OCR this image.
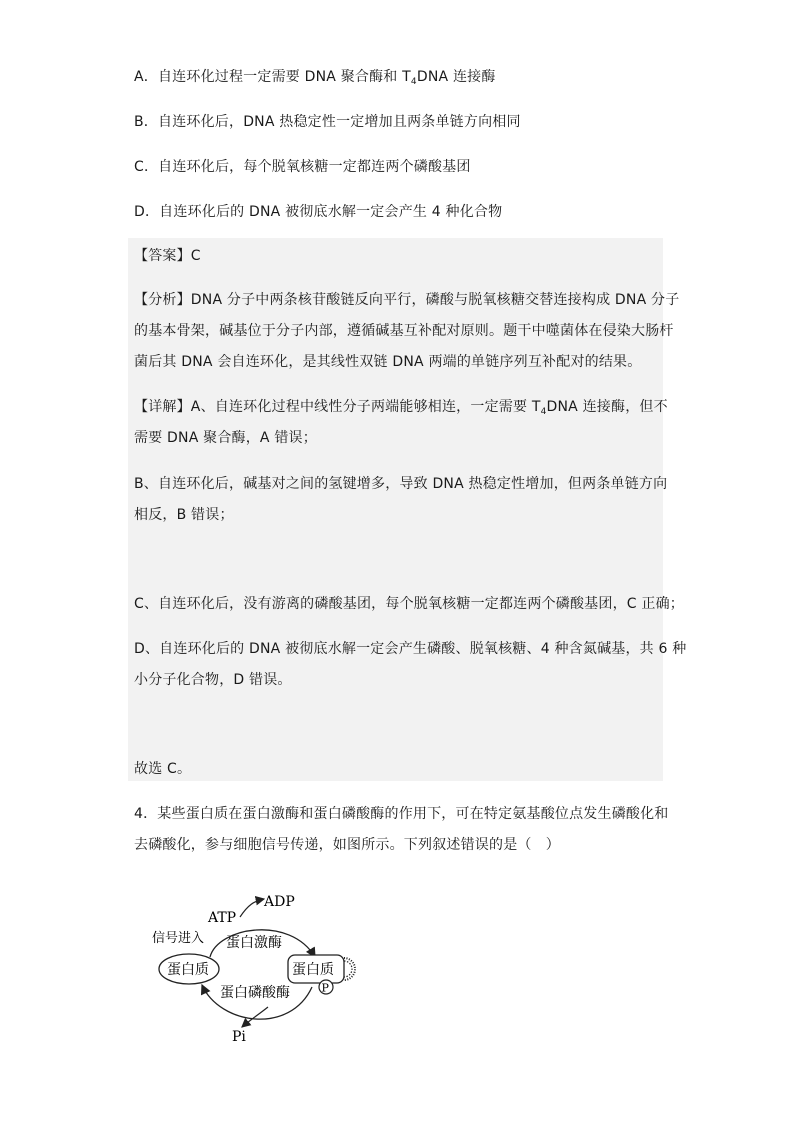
A．自连环化过程一定需要 DNA 聚合酶和 $T_4DNA$ 连接酶
B．自连环化后，DNA 热稳定性一定增加且两条单链方向相同
C．自连环化后，每个脱氧核糖一定都连两个磷酸基团
D．自连环化后的 DNA 被彻底水解一定会产生 4 种化合物
【答案】C
【分析】DNA 分子中两条核苷酸链反向平行，磷酸与脱氧核糖交替连接构成 DNA 分子
的基本骨架，碱基位于分子内部，遵循碱基互补配对原则。题干中噬菌体在侵染大肠杆
菌后其 DNA 会自连环化，是其线性双链 DNA 两端的单链序列互补配对的结果。
【详解】A、自连环化过程中线性分子两端能够相连，一定需要 $T_4DNA$ 连接酶，但不
需要 DNA 聚合酶，A 错误；
B、自连环化后，碱基对之间的氢键增多，导致 DNA 热稳定性增加，但两条单链方向
相反，B 错误；
C、自连环化后，没有游离的磷酸基团，每个脱氧核糖一定都连两个磷酸基团，C 正确；
D、自连环化后的 DNA 被彻底水解一定会产生磷酸、脱氧核糖、4 种含氮碱基，共 6 种
小分子化合物，D 错误。
故选 C。
4．某些蛋白质在蛋白激酶和蛋白磷酸酶的作用下，可在特定氨基酸位点发生磷酸化和
去磷酸化，参与细胞信号传递，如图所示。下列叙述错误的是（　）
ATP
ADP
信号进入 蛋白激酶
蛋白质	蛋白质
P
蛋白磷酸酶
Pi
